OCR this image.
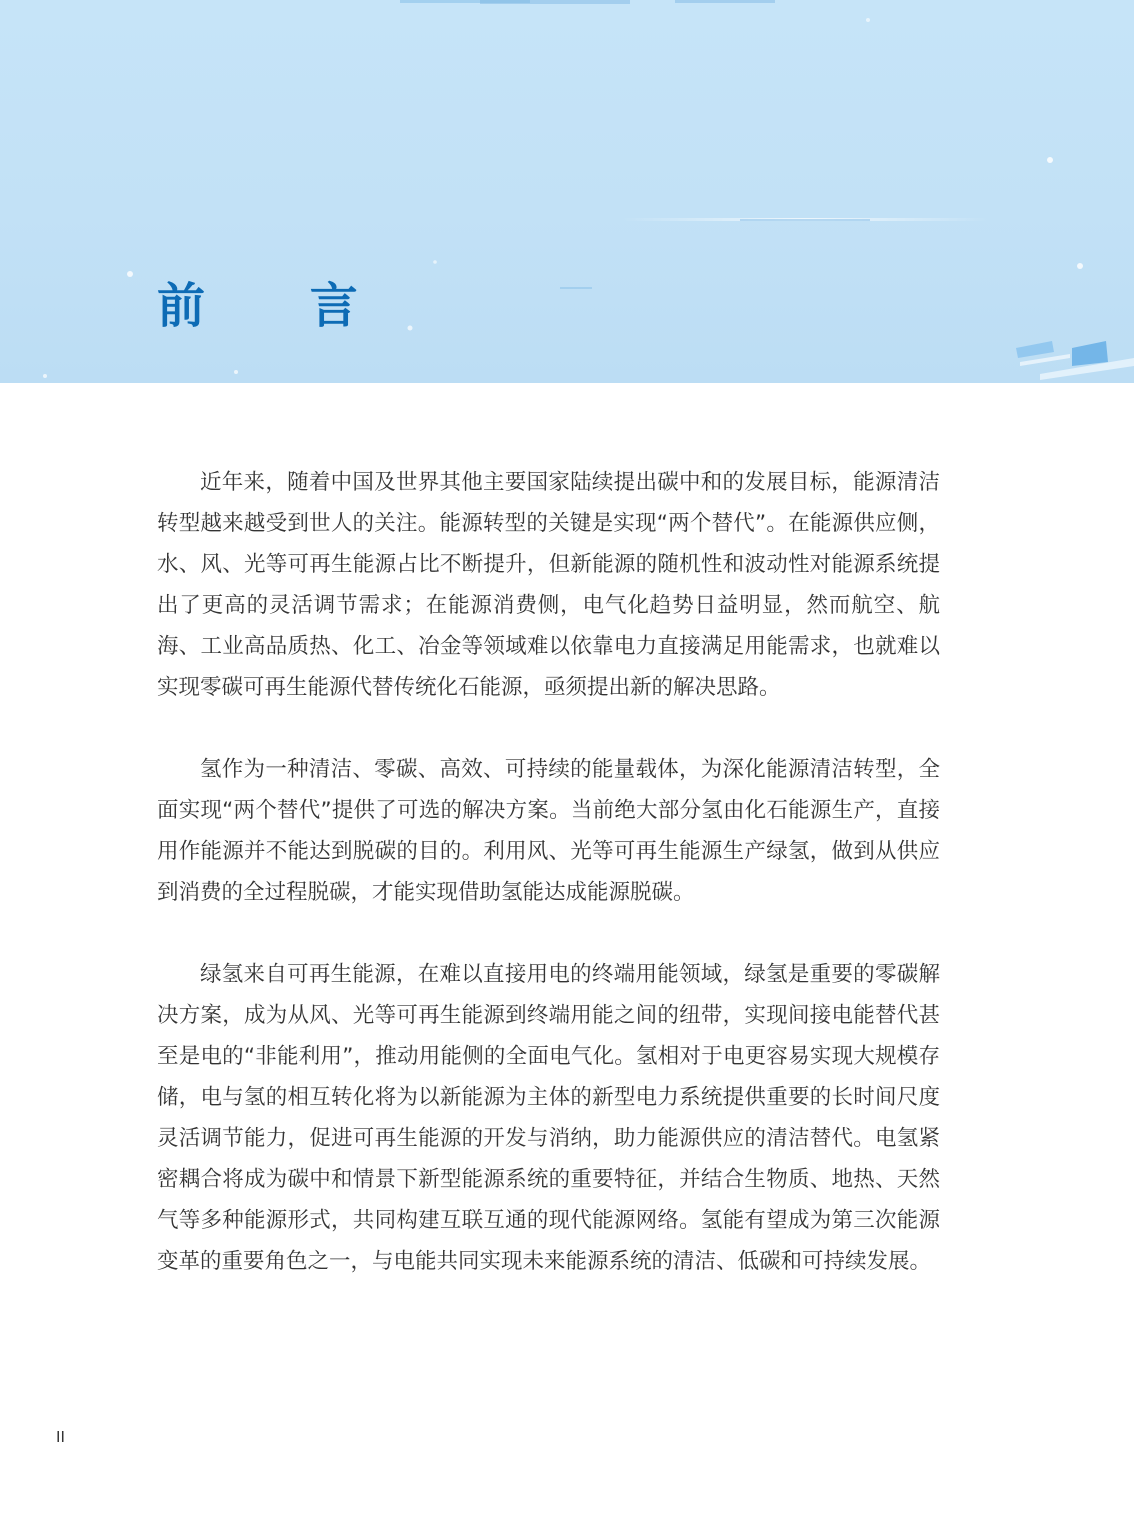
前 言

近年来，随着中国及世界其他主要国家陆续提出碳中和的发展目标，能源清洁转型越来越受到世人的关注。能源转型的关键是实现“两个替代”。在能源供应侧，水、风、光等可再生能源占比不断提升，但新能源的随机性和波动性对能源系统提出了更高的灵活调节需求；在能源消费侧，电气化趋势日益明显，然而航空、航海、工业高品质热、化工、冶金等领域难以依靠电力直接满足用能需求，也就难以实现零碳可再生能源代替传统化石能源，亟须提出新的解决思路。

氢作为一种清洁、零碳、高效、可持续的能量载体，为深化能源清洁转型，全面实现“两个替代”提供了可选的解决方案。当前绝大部分氢由化石能源生产，直接用作能源并不能达到脱碳的目的。利用风、光等可再生能源生产绿氢，做到从供应到消费的全过程脱碳，才能实现借助氢能达成能源脱碳。

绿氢来自可再生能源，在难以直接用电的终端用能领域，绿氢是重要的零碳解决方案，成为从风、光等可再生能源到终端用能之间的纽带，实现间接电能替代甚至是电的“非能利用”，推动用能侧的全面电气化。氢相对于电更容易实现大规模存储，电与氢的相互转化将为以新能源为主体的新型电力系统提供重要的长时间尺度灵活调节能力，促进可再生能源的开发与消纳，助力能源供应的清洁替代。电氢紧密耦合将成为碳中和情景下新型能源系统的重要特征，并结合生物质、地热、天然气等多种能源形式，共同构建互联互通的现代能源网络。氢能有望成为第三次能源变革的重要角色之一，与电能共同实现未来能源系统的清洁、低碳和可持续发展。

II
